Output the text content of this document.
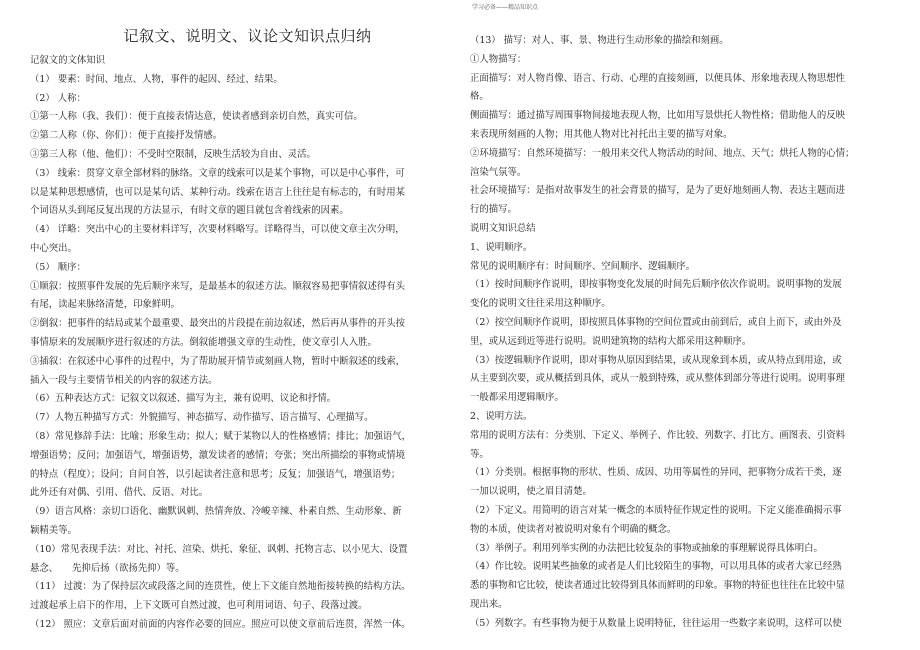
学习必备——精品知识点
记叙文、说明文、议论文知识点归纳
记叙文的文体知识
（1） 要素：时间、地点、人物，事件的起因、经过、结果。
（2） 人称：
①第一人称（我、我们）：便于直接表情达意，使读者感到亲切自然，真实可信。
②第二人称（你、你们）：便于直接抒发情感。
③第三人称（他、他们）：不受时空限制，反映生活较为自由、灵活。
（3） 线索：贯穿文章全部材料的脉络。文章的线索可以是某个事物，可以是中心事件，可
以是某种思想感情，也可以是某句话、某种行动。线索在语言上往往是有标志的，有时用某
个词语从头到尾反复出现的方法显示，有时文章的题目就包含着线索的因素。
（4） 详略：突出中心的主要材料详写，次要材料略写。详略得当，可以使文章主次分明，
中心突出。
（5） 顺序：
①顺叙：按照事件发展的先后顺序来写，是最基本的叙述方法。顺叙容易把事情叙述得有头
有尾，读起来脉络清楚，印象鲜明。
②倒叙：把事件的结局或某个最重要、最突出的片段提在前边叙述，然后再从事件的开头按
事情原来的发展顺序进行叙述的方法。倒叙能增强文章的生动性，使文章引人入胜。
③插叙：在叙述中心事件的过程中，为了帮助展开情节或刻画人物，暂时中断叙述的线索，
插入一段与主要情节相关的内容的叙述方法。
（6）五种表达方式：记叙文以叙述、描写为主，兼有说明、议论和抒情。
（7）人物五种描写方式：外貌描写、神态描写、动作描写、语言描写、心理描写。
（8）常见修辞手法：比喻；形象生动；拟人；赋于某物以人的性格感情；排比；加强语气，
增强语势；反问；加强语气，增强语势，激发读者的感情；夸张；突出所描绘的事物或情境
的特点（程度）；设问；自问自答，以引起读者注意和思考；反复；加强语气，增强语势；
此外还有对偶、引用、借代、反语、对比。
（9）语言风格：亲切口语化、幽默讽刺、热情奔放、冷峻辛辣、朴素自然、生动形象、新
颖精美等。
（10）常见表现手法：对比、衬托、渲染、烘托、象征、讽刺、托物言志、以小见大、设置
悬念、　　先抑后扬（欲扬先抑）等。
（11） 过渡：为了保持层次或段落之间的连贯性，使上下文能自然地衔接转换的结构方法。
过渡起承上启下的作用，上下文既可自然过渡，也可利用词语、句子、段落过渡。
（12） 照应：文章后面对前面的内容作必要的回应。照应可以使文章前后连贯，浑然一体。
（13） 描写：对人、事、景、物进行生动形象的描绘和刻画。
①人物描写：
正面描写：对人物肖像、语言、行动、心理的直接刻画，以便具体、形象地表现人物思想性
格。
侧面描写：通过描写周围事物间接地表现人物，比如用写景烘托人物性格；借助他人的反映
来表现所刻画的人物；用其他人物对比衬托出主要的描写对象。
②环境描写：自然环境描写：一般用来交代人物活动的时间、地点、天气；烘托人物的心情；
渲染气氛等。
社会环境描写：是指对故事发生的社会背景的描写，是为了更好地刻画人物、表达主题而进
行的描写。
说明文知识总结
1、说明顺序。
常见的说明顺序有：时间顺序、空间顺序、逻辑顺序。
（1）按时间顺序作说明，即按事物变化发展的时间先后顺序依次作说明。说明事物的发展
变化的说明文往往采用这种顺序。
（2）按空间顺序作说明，即按照具体事物的空间位置或由前到后，或自上而下，或由外及
里，或从远到近等进行说明。说明建筑物的结构大都采用这种顺序。
（3）按逻辑顺序作说明，即对事物从原因到结果，或从现象到本质，或从特点到用途，或
从主要到次要，或从概括到具体，或从一般到特殊，或从整体到部分等进行说明。说明事理
一般都采用逻辑顺序。
2、说明方法。
常用的说明方法有：分类别、下定义、举例子、作比较、列数字、打比方、画图表、引资料
等。
（1）分类别。根据事物的形状、性质、成因、功用等属性的异同，把事物分成若干类，逐
一加以说明，使之眉目清楚。
（2）下定义。用简明的语言对某一概念的本质特征作规定性的说明。下定义能准确揭示事
物的本质，使读者对被说明对象有个明确的概念。
（3）举例子。利用列举实例的办法把比较复杂的事物或抽象的事理解说得具体明白。
（4）作比较。说明某些抽象的或者是人们比较陌生的事物，可以用具体的或者大家已经熟
悉的事物和它比较，使读者通过比较得到具体而鲜明的印象。事物的特征也往往在比较中显
现出来。
（5）列数字。有些事物为便于从数量上说明特征，往往运用一些数字来说明，这样可以使
